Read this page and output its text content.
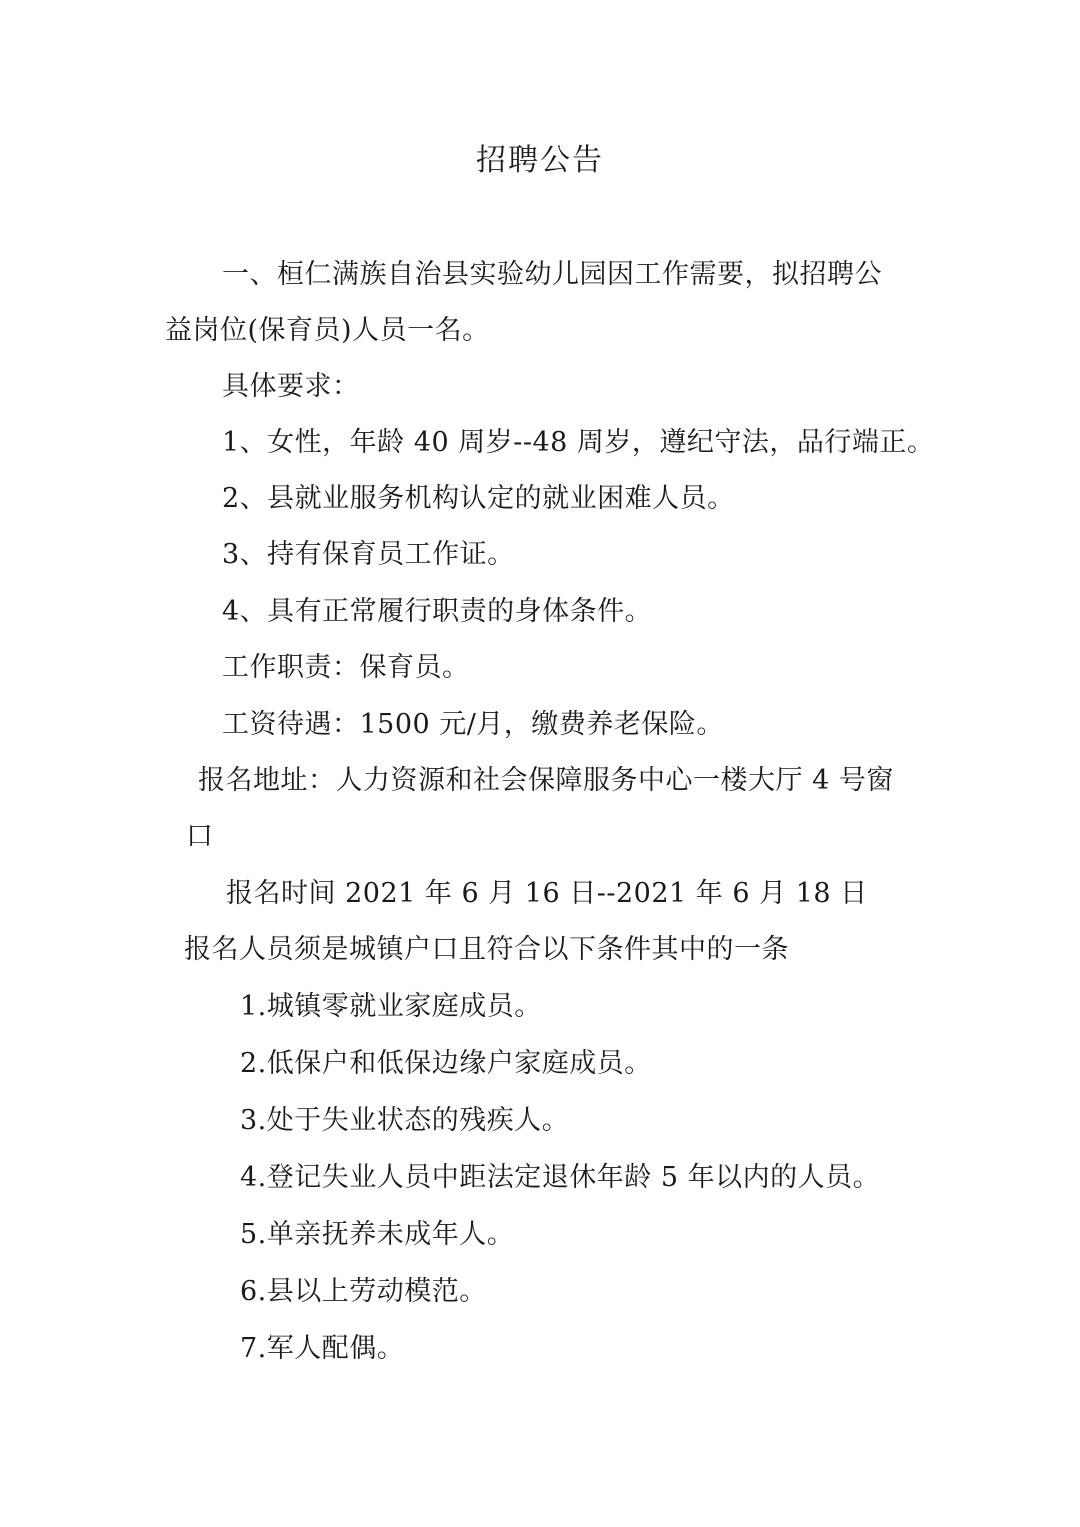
招聘公告
一、桓仁满族自治县实验幼儿园因工作需要，拟招聘公
益岗位(保育员)人员一名。
具体要求：
1、女性，年龄 40 周岁--48 周岁，遵纪守法，品行端正。
2、县就业服务机构认定的就业困难人员。
3、持有保育员工作证。
4、具有正常履行职责的身体条件。
工作职责：保育员。
工资待遇：1500 元/月，缴费养老保险。
报名地址：人力资源和社会保障服务中心一楼大厅 4 号窗
口
报名时间 2021 年 6 月 16 日--2021 年 6 月 18 日
报名人员须是城镇户口且符合以下条件其中的一条
1.城镇零就业家庭成员。
2.低保户和低保边缘户家庭成员。
3.处于失业状态的残疾人。
4.登记失业人员中距法定退休年龄 5 年以内的人员。
5.单亲抚养未成年人。
6.县以上劳动模范。
7.军人配偶。
